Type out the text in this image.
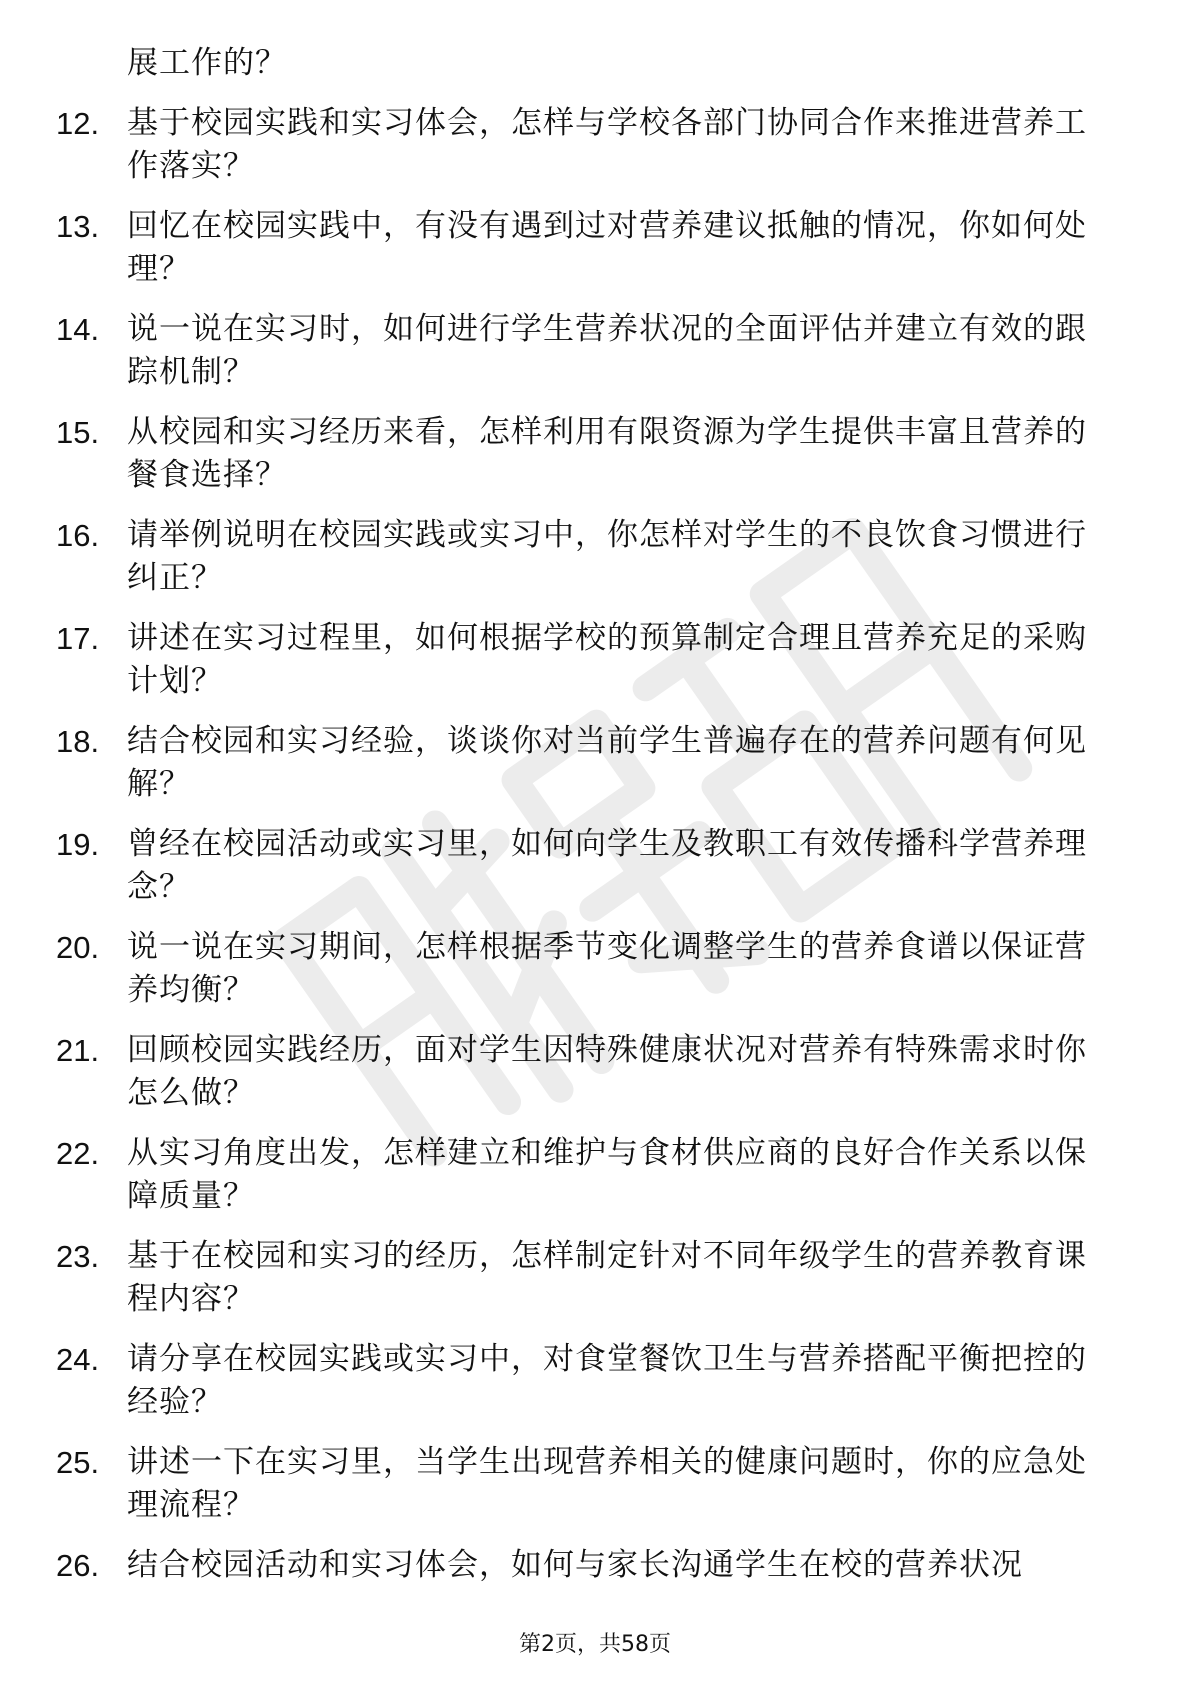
展工作的？
12. 基于校园实践和实习体会，怎样与学校各部门协同合作来推进营养工作落实？
13. 回忆在校园实践中，有没有遇到过对营养建议抵触的情况，你如何处理？
14. 说一说在实习时，如何进行学生营养状况的全面评估并建立有效的跟踪机制？
15. 从校园和实习经历来看，怎样利用有限资源为学生提供丰富且营养的餐食选择？
16. 请举例说明在校园实践或实习中，你怎样对学生的不良饮食习惯进行纠正？
17. 讲述在实习过程里，如何根据学校的预算制定合理且营养充足的采购计划？
18. 结合校园和实习经验，谈谈你对当前学生普遍存在的营养问题有何见解？
19. 曾经在校园活动或实习里，如何向学生及教职工有效传播科学营养理念？
20. 说一说在实习期间，怎样根据季节变化调整学生的营养食谱以保证营养均衡？
21. 回顾校园实践经历，面对学生因特殊健康状况对营养有特殊需求时你怎么做？
22. 从实习角度出发，怎样建立和维护与食材供应商的良好合作关系以保障质量？
23. 基于在校园和实习的经历，怎样制定针对不同年级学生的营养教育课程内容？
24. 请分享在校园实践或实习中，对食堂餐饮卫生与营养搭配平衡把控的经验？
25. 讲述一下在实习里，当学生出现营养相关的健康问题时，你的应急处理流程？
26. 结合校园活动和实习体会，如何与家长沟通学生在校的营养状况
第2页，共58页
